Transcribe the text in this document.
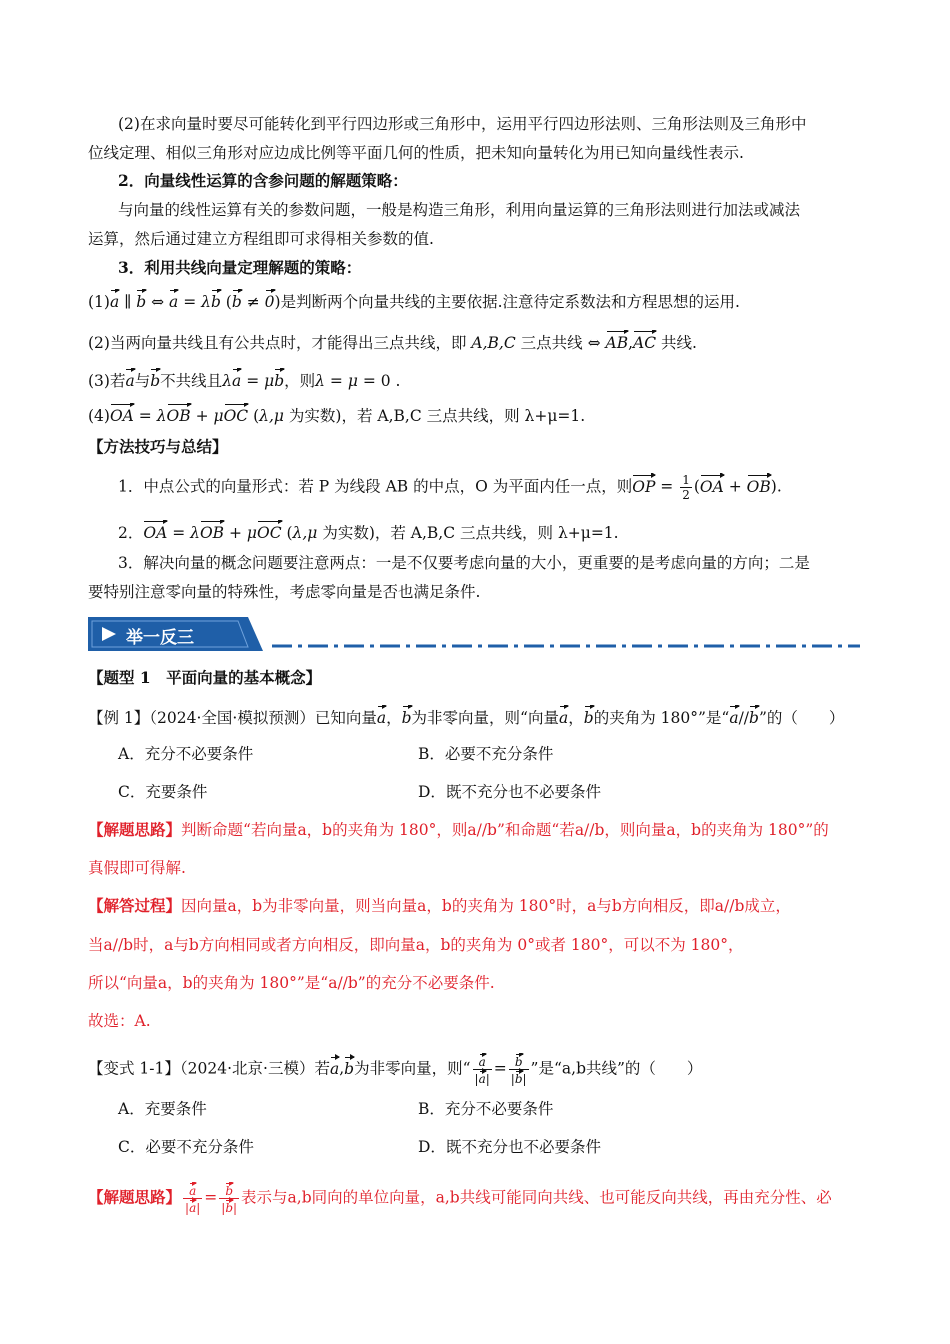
(2)在求向量时要尽可能转化到平行四边形或三角形中，运用平行四边形法则、三角形法则及三角形中
位线定理、相似三角形对应边成比例等平面几何的性质，把未知向量转化为用已知向量线性表示.
2．向量线性运算的含参问题的解题策略：
与向量的线性运算有关的参数问题，一般是构造三角形，利用向量运算的三角形法则进行加法或减法
运算，然后通过建立方程组即可求得相关参数的值.
3．利用共线向量定理解题的策略：
(1)a ∥ b ⇔ a = λb (b ≠ 0)是判断两个向量共线的主要依据.注意待定系数法和方程思想的运用.
(2)当两向量共线且有公共点时，才能得出三点共线，即 A,B,C 三点共线 ⇔ AB,AC 共线.
(3)若a与b不共线且λa = μb，则λ = μ = 0 .
(4)OA = λOB + μOC (λ,μ 为实数)，若 A,B,C 三点共线，则 λ+μ=1.
【方法技巧与总结】
1．中点公式的向量形式：若 P 为线段 AB 的中点，O 为平面内任一点，则OP = $\frac{1}{2} (OA + OB)$.
2．OA = λOB + μOC (λ,μ 为实数)，若 A,B,C 三点共线，则 λ+μ=1.
3．解决向量的概念问题要注意两点：一是不仅要考虑向量的大小，更重要的是考虑向量的方向；二是
要特别注意零向量的特殊性，考虑零向量是否也满足条件.
举一反三
【题型 1　平面向量的基本概念】
【例 1】（2024·全国·模拟预测）已知向量a，b为非零向量，则“向量a，b的夹角为 180°”是“a//b”的（　　）
A．充分不必要条件	B．必要不充分条件
C．充要条件	D．既不充分也不必要条件
【解题思路】判断命题“若向量a，b的夹角为 180°，则a//b”和命题“若a//b，则向量a，b的夹角为 180°”的
真假即可得解.
【解答过程】因向量a，b为非零向量，则当向量a，b的夹角为 180°时，a与b方向相反，即a//b成立，
当a//b时，a与b方向相同或者方向相反，即向量a，b的夹角为 0°或者 180°，可以不为 180°，
所以“向量a，b的夹角为 180°”是“a//b”的充分不必要条件.
故选：A.
【变式 1-1】（2024·北京·三模）若a,b为非零向量，则“ $\frac{a}{|a|} = \frac{b}{|b|}$ ”是“a,b共线”的（　　）
A．充要条件	B．充分不必要条件
C．必要不充分条件	D．既不充分也不必要条件
【解题思路】 $\frac{a}{|a|} = \frac{b}{|b|}$ 表示与a,b同向的单位向量，a,b共线可能同向共线、也可能反向共线，再由充分性、必
